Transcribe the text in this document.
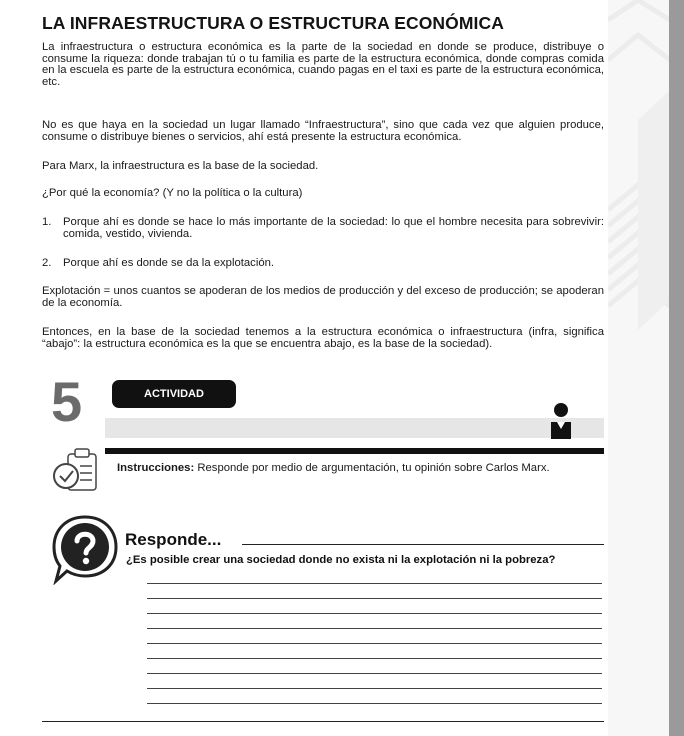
LA INFRAESTRUCTURA O ESTRUCTURA ECONÓMICA

La infraestructura o estructura económica es la parte de la sociedad en donde se produce, distribuye o consume la riqueza: donde trabajan tú o tu familia es parte de la estructura económica, donde compras comida en la escuela es parte de la estructura económica, cuando pagas en el taxi es parte de la estructura económica, etc.

No es que haya en la sociedad un lugar llamado “Infraestructura”, sino que cada vez que alguien produce, consume o distribuye bienes o servicios, ahí está presente la estructura económica.

Para Marx, la infraestructura es la base de la sociedad.

¿Por qué la economía? (Y no la política o la cultura)

1. Porque ahí es donde se hace lo más importante de la sociedad: lo que el hombre necesita para sobrevivir: comida, vestido, vivienda.
2. Porque ahí es donde se da la explotación.

Explotación = unos cuantos se apoderan de los medios de producción y del exceso de producción; se apoderan de la economía.

Entonces, en la base de la sociedad tenemos a la estructura económica o infraestructura (infra, significa “abajo”: la estructura económica es la que se encuentra abajo, es la base de la sociedad).

5	ACTIVIDAD
Instrucciones: Responde por medio de argumentación, tu opinión sobre Carlos Marx.
Responde...
¿Es posible crear una sociedad donde no exista ni la explotación ni la pobreza?
